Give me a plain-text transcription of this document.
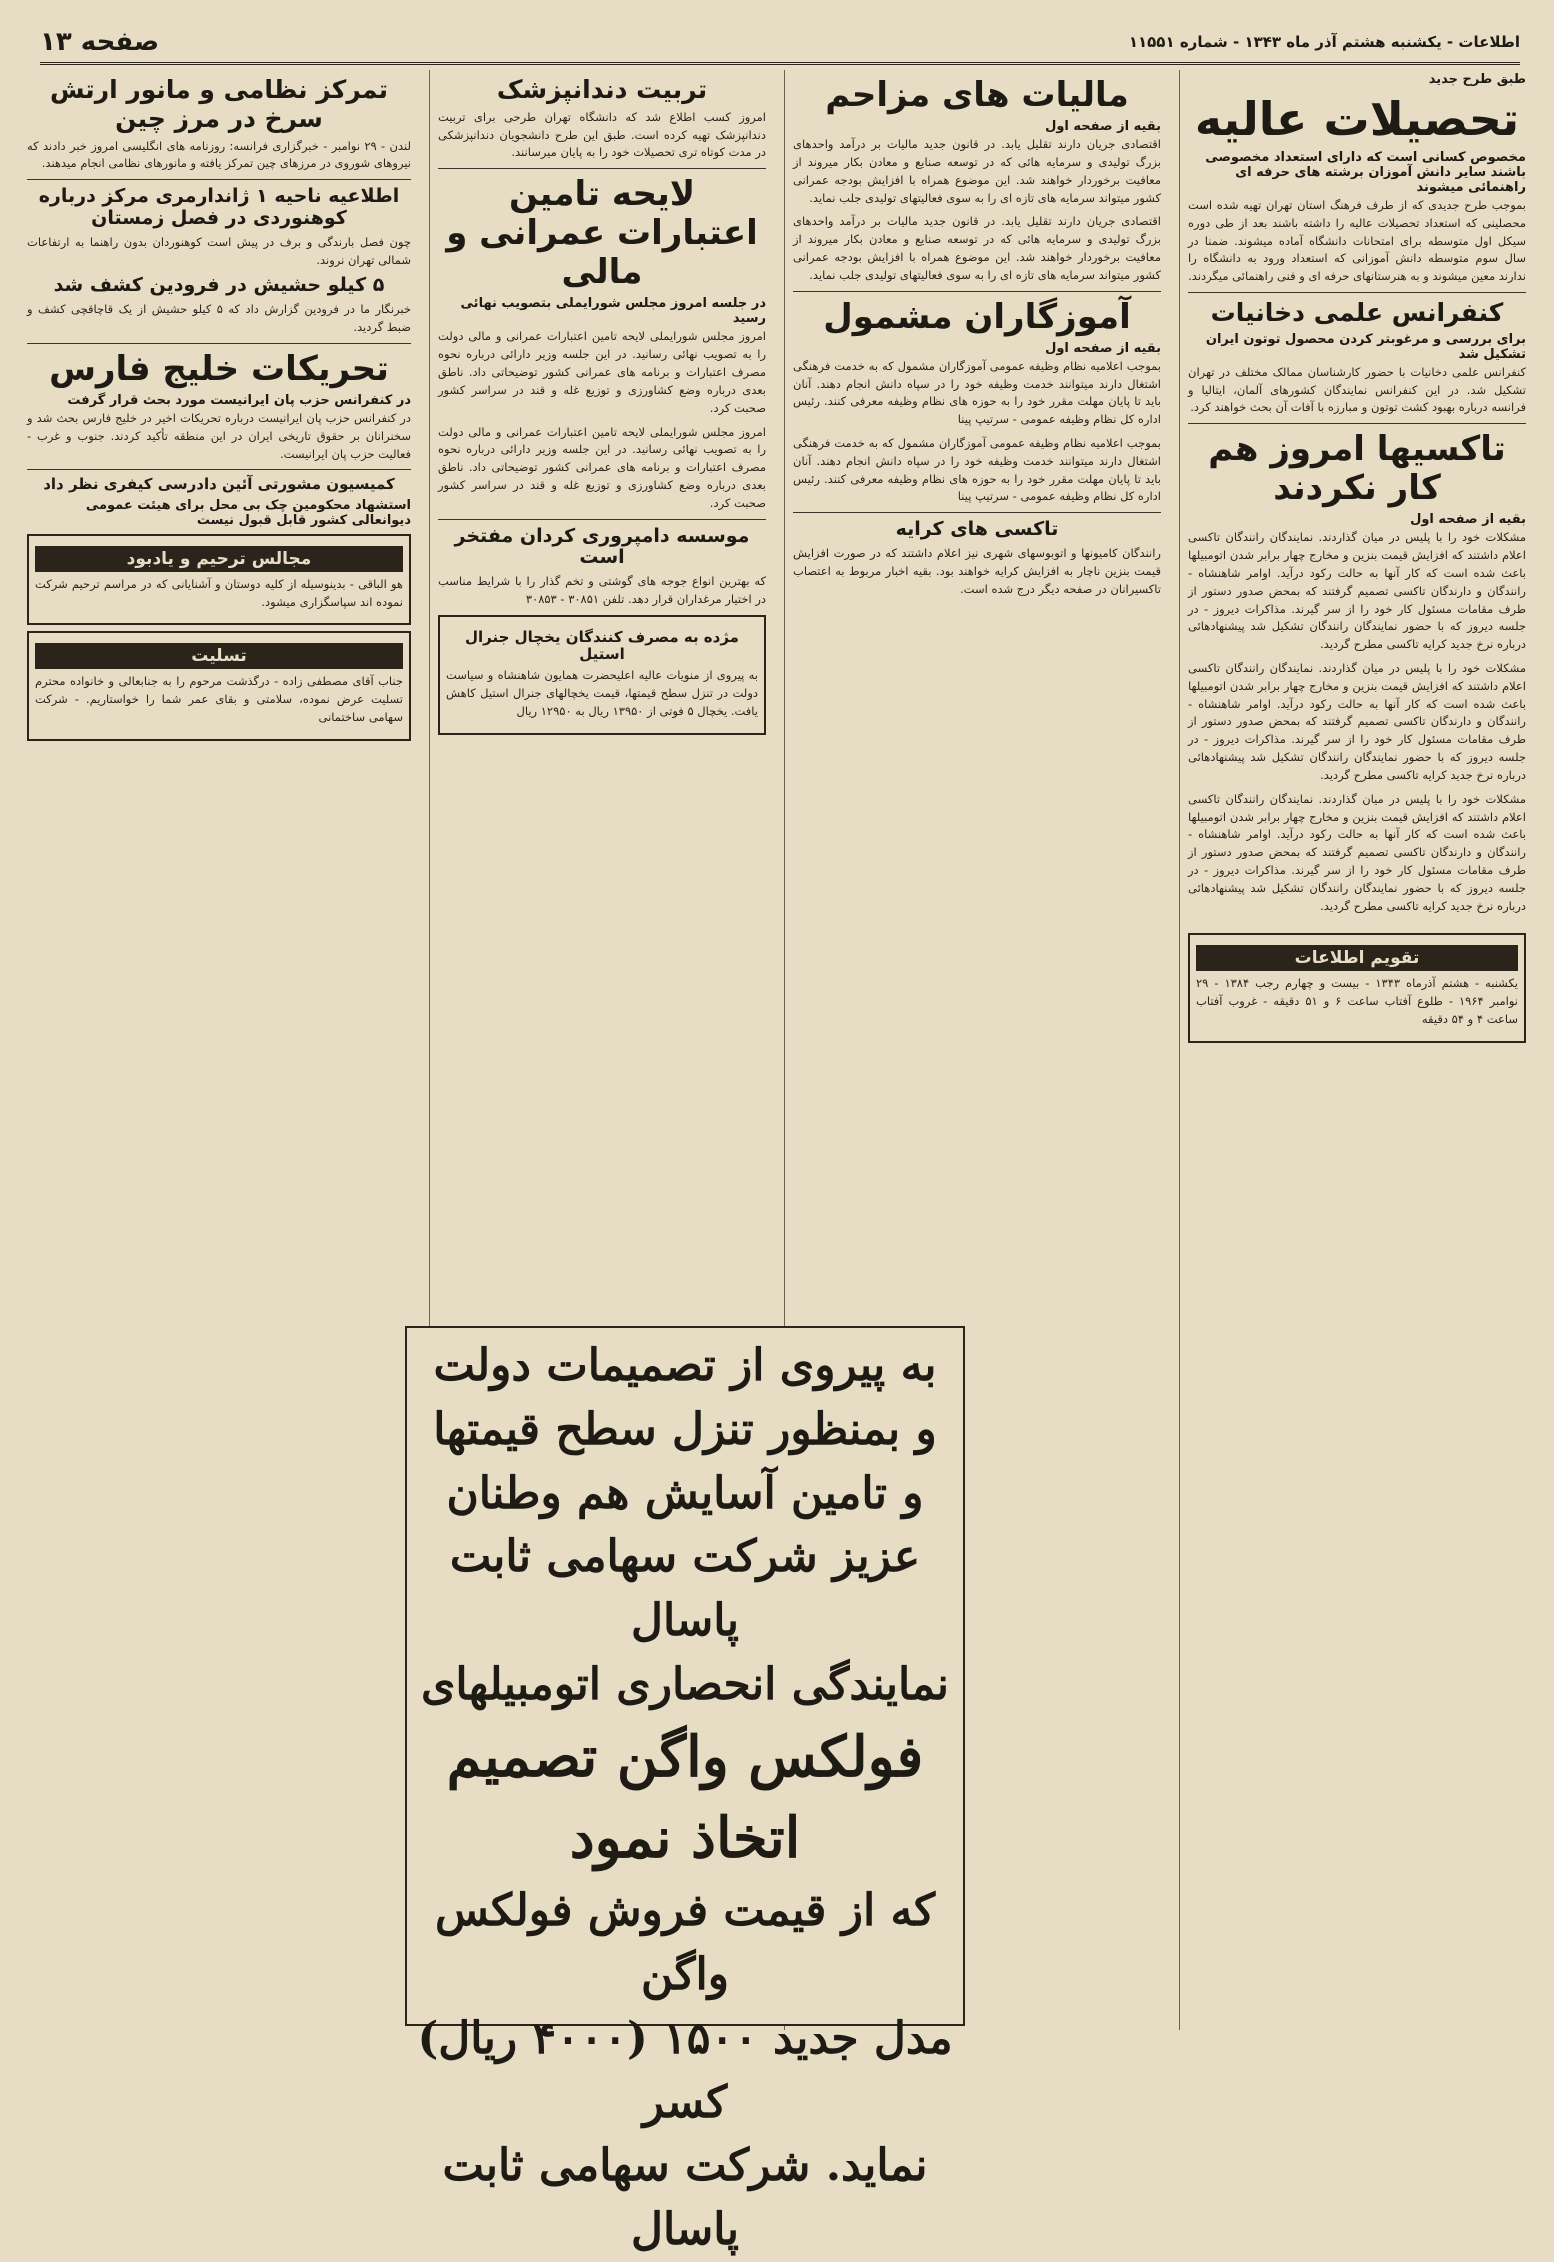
اطلاعات - یکشنبه هشتم آذر ماه ۱۳۴۳ - شماره ۱۱۵۵۱
صفحه ۱۳
طبق طرح جدید
تحصیلات عالیه
مخصوص کسانی است که دارای استعداد مخصوصی باشند سایر دانش آموزان برشته های حرفه ای راهنمائی میشوند
بموجب طرح جدیدی که از طرف فرهنگ استان تهران تهیه شده است محصلینی که استعداد تحصیلات عالیه را داشته باشند بعد از طی دوره سیکل اول متوسطه برای امتحانات دانشگاه آماده میشوند. ضمنا در سال سوم متوسطه دانش آموزانی که استعداد ورود به دانشگاه را ندارند معین میشوند و به هنرستانهای حرفه ای و فنی راهنمائی میگردند.
کنفرانس علمی دخانیات
برای بررسی و مرغوبتر کردن محصول توتون ایران تشکیل شد
کنفرانس علمی دخانیات با حضور کارشناسان ممالک مختلف در تهران تشکیل شد. در این کنفرانس نمایندگان کشورهای آلمان، ایتالیا و فرانسه درباره بهبود کشت توتون و مبارزه با آفات آن بحث خواهند کرد.
تاکسیها امروز هم کار نکردند
بقیه از صفحه اول
مشکلات خود را با پلیس در میان گذاردند. نمایندگان رانندگان تاکسی اعلام داشتند که افزایش قیمت بنزین و مخارج چهار برابر شدن اتومبیلها باعث شده است که کار آنها به حالت رکود درآید. اوامر شاهنشاه - رانندگان و دارندگان تاکسی تصمیم گرفتند که بمحض صدور دستور از طرف مقامات مسئول کار خود را از سر گیرند. مذاکرات دیروز - در جلسه دیروز که با حضور نمایندگان رانندگان تشکیل شد پیشنهادهائی درباره نرخ جدید کرایه تاکسی مطرح گردید.
مشکلات خود را با پلیس در میان گذاردند. نمایندگان رانندگان تاکسی اعلام داشتند که افزایش قیمت بنزین و مخارج چهار برابر شدن اتومبیلها باعث شده است که کار آنها به حالت رکود درآید. اوامر شاهنشاه - رانندگان و دارندگان تاکسی تصمیم گرفتند که بمحض صدور دستور از طرف مقامات مسئول کار خود را از سر گیرند. مذاکرات دیروز - در جلسه دیروز که با حضور نمایندگان رانندگان تشکیل شد پیشنهادهائی درباره نرخ جدید کرایه تاکسی مطرح گردید.
مشکلات خود را با پلیس در میان گذاردند. نمایندگان رانندگان تاکسی اعلام داشتند که افزایش قیمت بنزین و مخارج چهار برابر شدن اتومبیلها باعث شده است که کار آنها به حالت رکود درآید. اوامر شاهنشاه - رانندگان و دارندگان تاکسی تصمیم گرفتند که بمحض صدور دستور از طرف مقامات مسئول کار خود را از سر گیرند. مذاکرات دیروز - در جلسه دیروز که با حضور نمایندگان رانندگان تشکیل شد پیشنهادهائی درباره نرخ جدید کرایه تاکسی مطرح گردید.
تقویم اطلاعات
یکشنبه - هشتم آذرماه ۱۳۴۳ - بیست و چهارم رجب ۱۳۸۴ - ۲۹ نوامبر ۱۹۶۴ - طلوع آفتاب ساعت ۶ و ۵۱ دقیقه - غروب آفتاب ساعت ۴ و ۵۴ دقیقه
مالیات های مزاحم
بقیه از صفحه اول
اقتصادی جریان دارند تقلیل یابد. در قانون جدید مالیات بر درآمد واحدهای بزرگ تولیدی و سرمایه هائی که در توسعه صنایع و معادن بکار میروند از معافیت برخوردار خواهند شد. این موضوع همراه با افزایش بودجه عمرانی کشور میتواند سرمایه های تازه ای را به سوی فعالیتهای تولیدی جلب نماید.
اقتصادی جریان دارند تقلیل یابد. در قانون جدید مالیات بر درآمد واحدهای بزرگ تولیدی و سرمایه هائی که در توسعه صنایع و معادن بکار میروند از معافیت برخوردار خواهند شد. این موضوع همراه با افزایش بودجه عمرانی کشور میتواند سرمایه های تازه ای را به سوی فعالیتهای تولیدی جلب نماید.
آموزگاران مشمول
بقیه از صفحه اول
بموجب اعلامیه نظام وظیفه عمومی آموزگاران مشمول که به خدمت فرهنگی اشتغال دارند میتوانند خدمت وظیفه خود را در سپاه دانش انجام دهند. آنان باید تا پایان مهلت مقرر خود را به حوزه های نظام وظیفه معرفی کنند. رئیس اداره کل نظام وظیفه عمومی - سرتیپ پینا
بموجب اعلامیه نظام وظیفه عمومی آموزگاران مشمول که به خدمت فرهنگی اشتغال دارند میتوانند خدمت وظیفه خود را در سپاه دانش انجام دهند. آنان باید تا پایان مهلت مقرر خود را به حوزه های نظام وظیفه معرفی کنند. رئیس اداره کل نظام وظیفه عمومی - سرتیپ پینا
تاکسی های کرایه
رانندگان کامیونها و اتوبوسهای شهری نیز اعلام داشتند که در صورت افزایش قیمت بنزین ناچار به افزایش کرایه خواهند بود. بقیه اخبار مربوط به اعتصاب تاکسیرانان در صفحه دیگر درج شده است.
تربیت دندانپزشک
امروز کسب اطلاع شد که دانشگاه تهران طرحی برای تربیت دندانپزشک تهیه کرده است. طبق این طرح دانشجویان دندانپزشکی در مدت کوتاه تری تحصیلات خود را به پایان میرسانند.
لایحه تامین اعتبارات عمرانی و مالی
در جلسه امروز مجلس شورایملی بتصویب نهائی رسید
امروز مجلس شورایملی لایحه تامین اعتبارات عمرانی و مالی دولت را به تصویب نهائی رسانید. در این جلسه وزیر دارائی درباره نحوه مصرف اعتبارات و برنامه های عمرانی کشور توضیحاتی داد. ناطق بعدی درباره وضع کشاورزی و توزیع غله و قند در سراسر کشور صحبت کرد.
امروز مجلس شورایملی لایحه تامین اعتبارات عمرانی و مالی دولت را به تصویب نهائی رسانید. در این جلسه وزیر دارائی درباره نحوه مصرف اعتبارات و برنامه های عمرانی کشور توضیحاتی داد. ناطق بعدی درباره وضع کشاورزی و توزیع غله و قند در سراسر کشور صحبت کرد.
موسسه دامپروری کردان مفتخر است
که بهترین انواع جوجه های گوشتی و تخم گذار را با شرایط مناسب در اختیار مرغداران قرار دهد. تلفن ۳۰۸۵۱ - ۳۰۸۵۳
مژده به مصرف کنندگان یخچال جنرال استیل
به پیروی از منویات عالیه اعلیحضرت همایون شاهنشاه و سیاست دولت در تنزل سطح قیمتها، قیمت یخچالهای جنرال استیل کاهش یافت. یخچال ۵ فوتی از ۱۳۹۵۰ ریال به ۱۲۹۵۰ ریال
تمرکز نظامی و مانور ارتش سرخ در مرز چین
لندن - ۲۹ نوامبر - خبرگزاری فرانسه: روزنامه های انگلیسی امروز خبر دادند که نیروهای شوروی در مرزهای چین تمرکز یافته و مانورهای نظامی انجام میدهند.
اطلاعیه ناحیه ۱ ژاندارمری مرکز درباره کوهنوردی در فصل زمستان
چون فصل بارندگی و برف در پیش است کوهنوردان بدون راهنما به ارتفاعات شمالی تهران نروند.
۵ کیلو حشیش در فرودین کشف شد
خبرنگار ما در فرودین گزارش داد که ۵ کیلو حشیش از یک قاچاقچی کشف و ضبط گردید.
تحریکات خلیج فارس
در کنفرانس حزب پان ایرانیست مورد بحث قرار گرفت
در کنفرانس حزب پان ایرانیست درباره تحریکات اخیر در خلیج فارس بحث شد و سخنرانان بر حقوق تاریخی ایران در این منطقه تأکید کردند. جنوب و غرب - فعالیت حزب پان ایرانیست.
کمیسیون مشورتی آئین دادرسی کیفری نظر داد
استشهاد محکومین چک بی محل برای هیئت عمومی دیوانعالی کشور قابل قبول نیست
مجالس ترحیم و یادبود
هو الباقی - بدینوسیله از کلیه دوستان و آشنایانی که در مراسم ترحیم شرکت نموده اند سپاسگزاری میشود.
تسلیت
جناب آقای مصطفی زاده - درگذشت مرحوم را به جنابعالی و خانواده محترم تسلیت عرض نموده، سلامتی و بقای عمر شما را خواستاریم. - شرکت سهامی ساختمانی
به پیروی از تصمیمات دولت
و بمنظور تنزل سطح قیمتها
و تامین آسایش هم وطنان
عزیز شرکت سهامی ثابت پاسال
نمایندگی انحصاری اتومبیلهای
فولکس واگن تصمیم اتخاذ نمود
که از قیمت فروش فولکس واگن
مدل جدید ۱۵۰۰ (۴۰۰۰ ریال) کسر
نماید. شرکت سهامی ثابت پاسال
